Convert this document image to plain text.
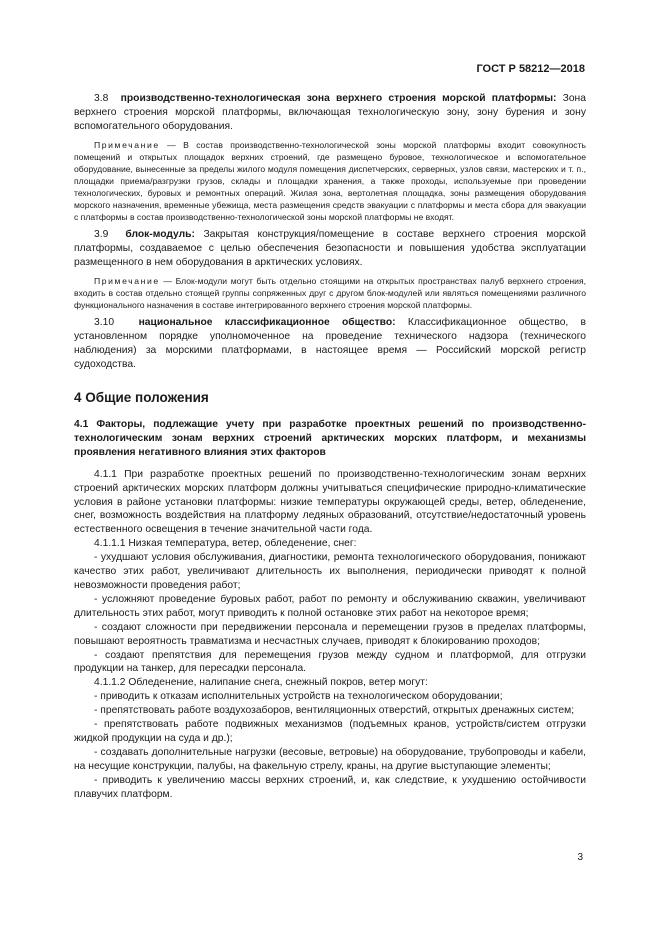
ГОСТ Р 58212—2018

3.8 производственно-технологическая зона верхнего строения морской платформы: Зона верхнего строения морской платформы, включающая технологическую зону, зону бурения и зону вспомогательного оборудования.

Примечание — В состав производственно-технологической зоны морской платформы входит совокупность помещений и открытых площадок верхних строений, где размещено буровое, технологическое и вспомогательное оборудование, вынесенные за пределы жилого модуля помещения диспетчерских, серверных, узлов связи, мастерских и т. п., площадки приема/разгрузки грузов, склады и площадки хранения, а также проходы, используемые при проведении технологических, буровых и ремонтных операций. Жилая зона, вертолетная площадка, зоны размещения оборудования морского назначения, временные убежища, места размещения средств эвакуации с платформы и места сбора для эвакуации с платформы в состав производственно-технологической зоны морской платформы не входят.

3.9 блок-модуль: Закрытая конструкция/помещение в составе верхнего строения морской платформы, создаваемое с целью обеспечения безопасности и повышения удобства эксплуатации размещенного в нем оборудования в арктических условиях.

Примечание — Блок-модули могут быть отдельно стоящими на открытых пространствах палуб верхнего строения, входить в состав отдельно стоящей группы сопряженных друг с другом блок-модулей или являться помещениями различного функционального назначения в составе интегрированного верхнего строения морской платформы.

3.10 национальное классификационное общество: Классификационное общество, в установленном порядке уполномоченное на проведение технического надзора (технического наблюдения) за морскими платформами, в настоящее время — Российский морской регистр судоходства.

4 Общие положения

4.1 Факторы, подлежащие учету при разработке проектных решений по производственно-технологическим зонам верхних строений арктических морских платформ, и механизмы проявления негативного влияния этих факторов

4.1.1 При разработке проектных решений по производственно-технологическим зонам верхних строений арктических морских платформ должны учитываться специфические природно-климатические условия в районе установки платформы: низкие температуры окружающей среды, ветер, обледенение, снег, возможность воздействия на платформу ледяных образований, отсутствие/недостаточный уровень естественного освещения в течение значительной части года.

4.1.1.1 Низкая температура, ветер, обледенение, снег:

- ухудшают условия обслуживания, диагностики, ремонта технологического оборудования, понижают качество этих работ, увеличивают длительность их выполнения, периодически приводят к полной невозможности проведения работ;

- усложняют проведение буровых работ, работ по ремонту и обслуживанию скважин, увеличивают длительность этих работ, могут приводить к полной остановке этих работ на некоторое время;

- создают сложности при передвижении персонала и перемещении грузов в пределах платформы, повышают вероятность травматизма и несчастных случаев, приводят к блокированию проходов;

- создают препятствия для перемещения грузов между судном и платформой, для отгрузки продукции на танкер, для пересадки персонала.

4.1.1.2 Обледенение, налипание снега, снежный покров, ветер могут:

- приводить к отказам исполнительных устройств на технологическом оборудовании;

- препятствовать работе воздухозаборов, вентиляционных отверстий, открытых дренажных систем;

- препятствовать работе подвижных механизмов (подъемных кранов, устройств/систем отгрузки жидкой продукции на суда и др.);

- создавать дополнительные нагрузки (весовые, ветровые) на оборудование, трубопроводы и кабели, на несущие конструкции, палубы, на факельную стрелу, краны, на другие выступающие элементы;

- приводить к увеличению массы верхних строений, и, как следствие, к ухудшению остойчивости плавучих платформ.

3
